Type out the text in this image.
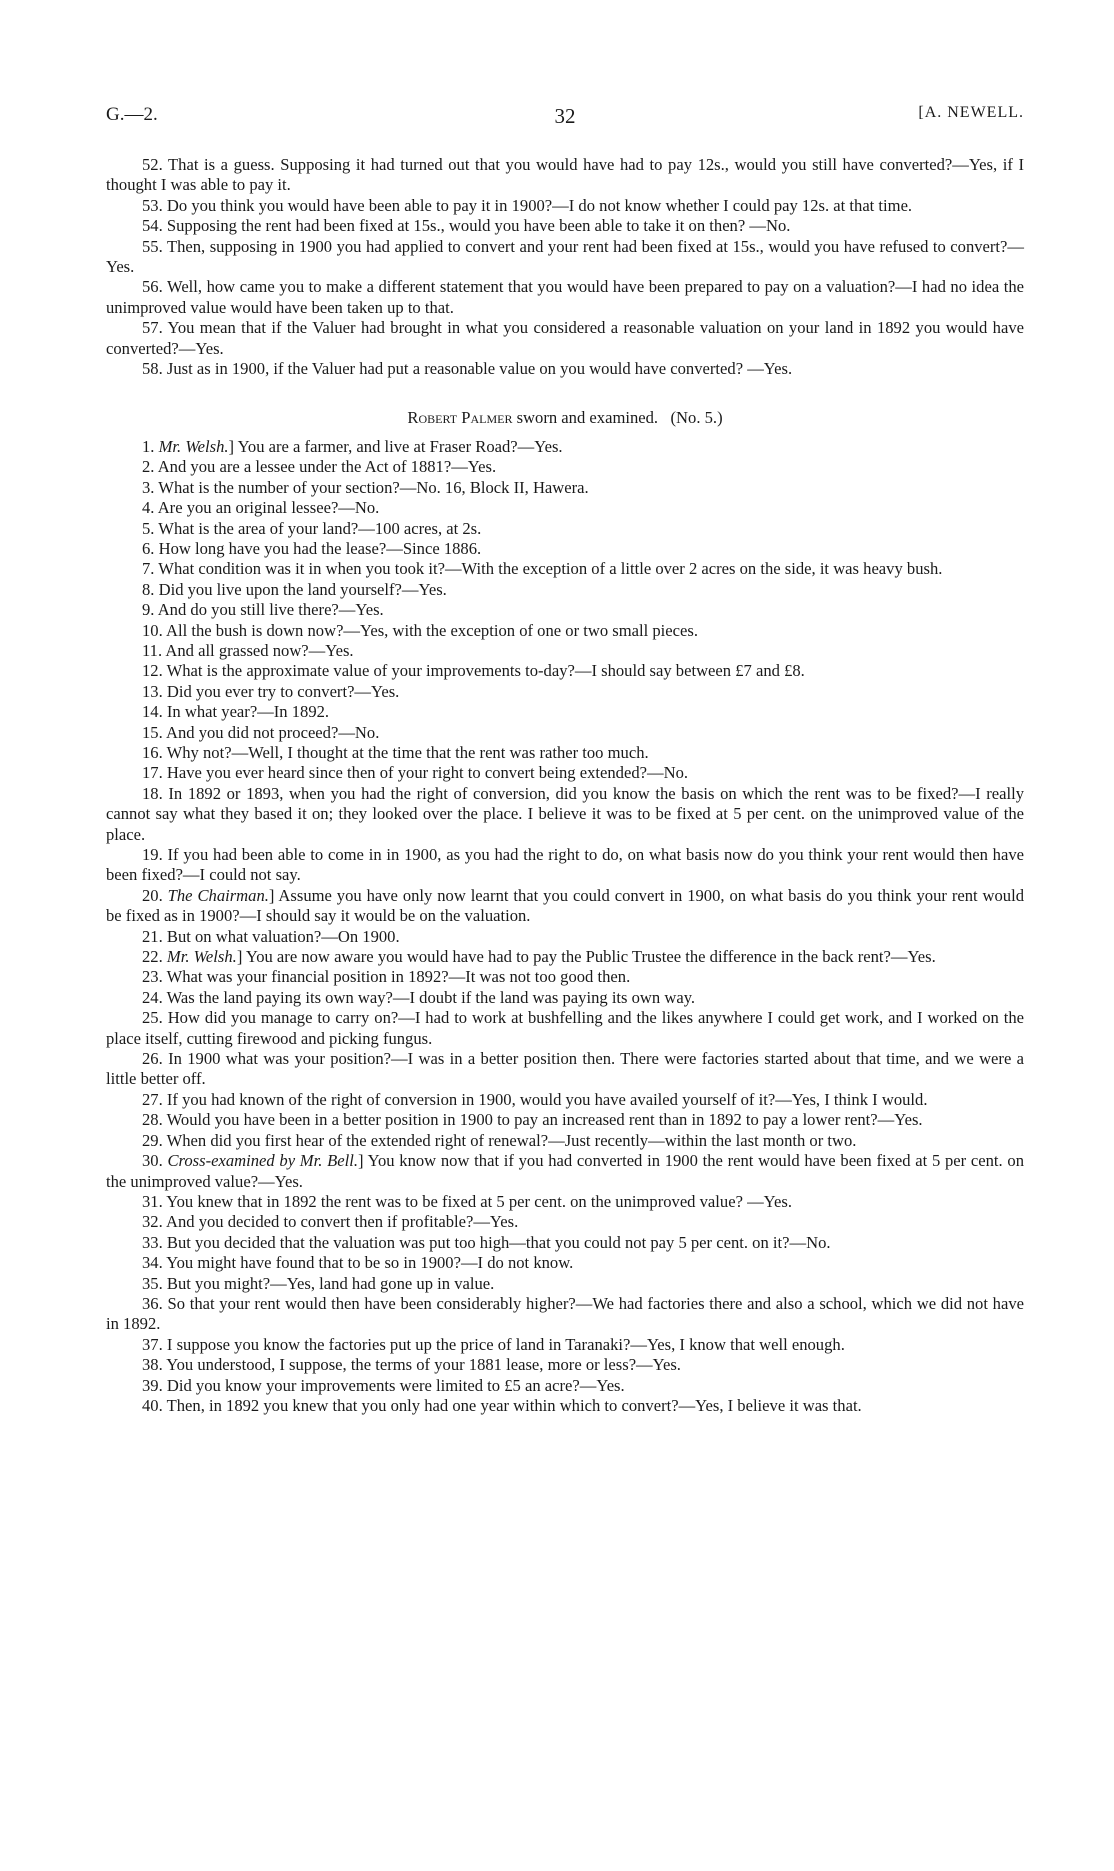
G.—2.	32	[A. NEWELL.

52. That is a guess. Supposing it had turned out that you would have had to pay 12s., would you still have converted?—Yes, if I thought I was able to pay it.

53. Do you think you would have been able to pay it in 1900?—I do not know whether I could pay 12s. at that time.

54. Supposing the rent had been fixed at 15s., would you have been able to take it on then? —No.

55. Then, supposing in 1900 you had applied to convert and your rent had been fixed at 15s., would you have refused to convert?—Yes.

56. Well, how came you to make a different statement that you would have been prepared to pay on a valuation?—I had no idea the unimproved value would have been taken up to that.

57. You mean that if the Valuer had brought in what you considered a reasonable valuation on your land in 1892 you would have converted?—Yes.

58. Just as in 1900, if the Valuer had put a reasonable value on you would have converted? —Yes.

Robert Palmer sworn and examined. (No. 5.)

1. Mr. Welsh.] You are a farmer, and live at Fraser Road?—Yes.

2. And you are a lessee under the Act of 1881?—Yes.

3. What is the number of your section?—No. 16, Block II, Hawera.

4. Are you an original lessee?—No.

5. What is the area of your land?—100 acres, at 2s.

6. How long have you had the lease?—Since 1886.

7. What condition was it in when you took it?—With the exception of a little over 2 acres on the side, it was heavy bush.

8. Did you live upon the land yourself?—Yes.

9. And do you still live there?—Yes.

10. All the bush is down now?—Yes, with the exception of one or two small pieces.

11. And all grassed now?—Yes.

12. What is the approximate value of your improvements to-day?—I should say between £7 and £8.

13. Did you ever try to convert?—Yes.

14. In what year?—In 1892.

15. And you did not proceed?—No.

16. Why not?—Well, I thought at the time that the rent was rather too much.

17. Have you ever heard since then of your right to convert being extended?—No.

18. In 1892 or 1893, when you had the right of conversion, did you know the basis on which the rent was to be fixed?—I really cannot say what they based it on; they looked over the place. I believe it was to be fixed at 5 per cent. on the unimproved value of the place.

19. If you had been able to come in in 1900, as you had the right to do, on what basis now do you think your rent would then have been fixed?—I could not say.

20. The Chairman.] Assume you have only now learnt that you could convert in 1900, on what basis do you think your rent would be fixed as in 1900?—I should say it would be on the valuation.

21. But on what valuation?—On 1900.

22. Mr. Welsh.] You are now aware you would have had to pay the Public Trustee the difference in the back rent?—Yes.

23. What was your financial position in 1892?—It was not too good then.

24. Was the land paying its own way?—I doubt if the land was paying its own way.

25. How did you manage to carry on?—I had to work at bushfelling and the likes anywhere I could get work, and I worked on the place itself, cutting firewood and picking fungus.

26. In 1900 what was your position?—I was in a better position then. There were factories started about that time, and we were a little better off.

27. If you had known of the right of conversion in 1900, would you have availed yourself of it?—Yes, I think I would.

28. Would you have been in a better position in 1900 to pay an increased rent than in 1892 to pay a lower rent?—Yes.

29. When did you first hear of the extended right of renewal?—Just recently—within the last month or two.

30. Cross-examined by Mr. Bell.] You know now that if you had converted in 1900 the rent would have been fixed at 5 per cent. on the unimproved value?—Yes.

31. You knew that in 1892 the rent was to be fixed at 5 per cent. on the unimproved value? —Yes.

32. And you decided to convert then if profitable?—Yes.

33. But you decided that the valuation was put too high—that you could not pay 5 per cent. on it?—No.

34. You might have found that to be so in 1900?—I do not know.

35. But you might?—Yes, land had gone up in value.

36. So that your rent would then have been considerably higher?—We had factories there and also a school, which we did not have in 1892.

37. I suppose you know the factories put up the price of land in Taranaki?—Yes, I know that well enough.

38. You understood, I suppose, the terms of your 1881 lease, more or less?—Yes.

39. Did you know your improvements were limited to £5 an acre?—Yes.

40. Then, in 1892 you knew that you only had one year within which to convert?—Yes, I believe it was that.
